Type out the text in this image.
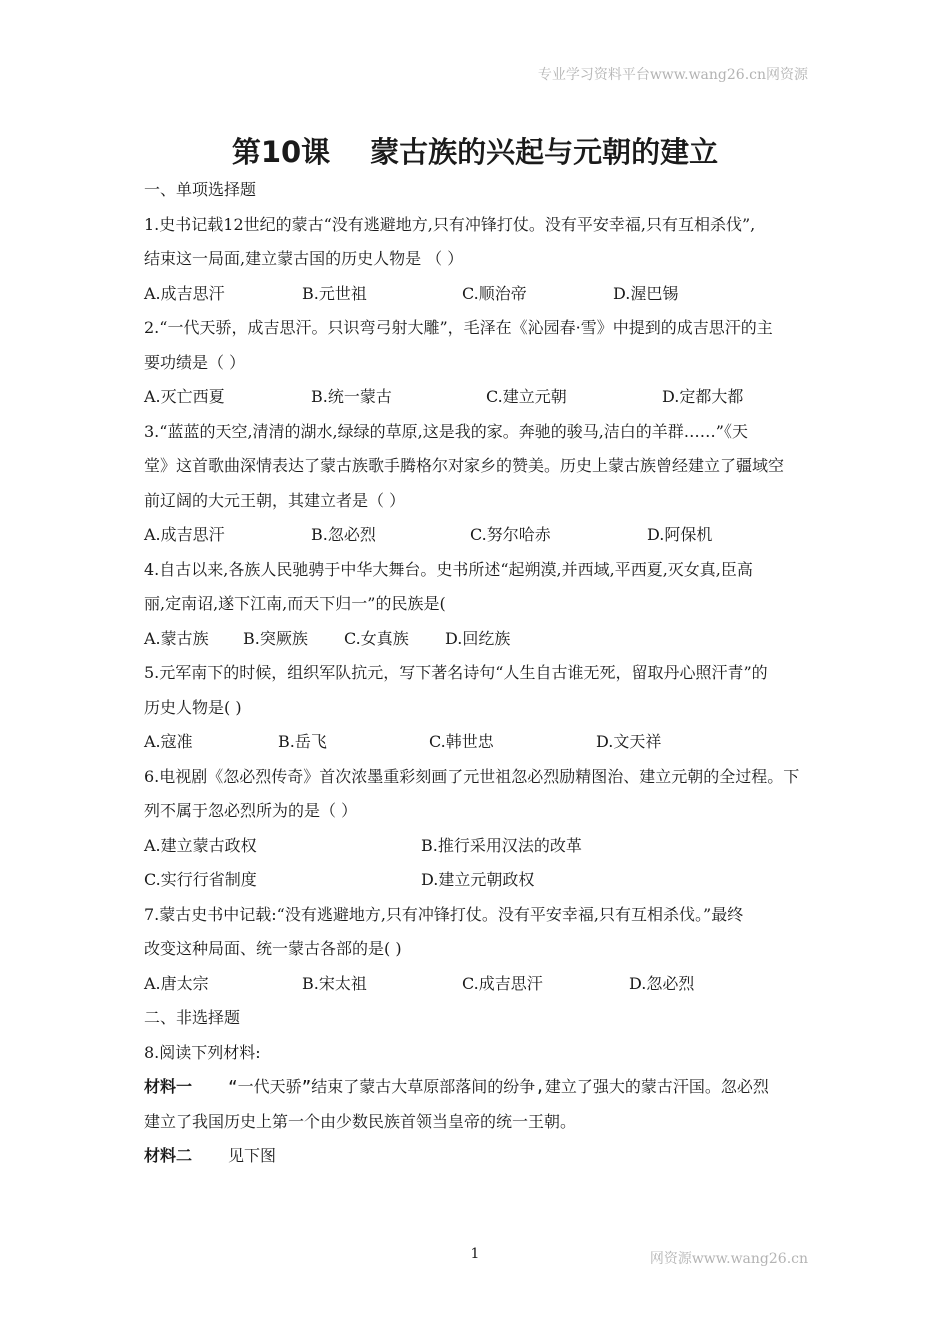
专业学习资料平台www.wang26.cn网资源
第10课 蒙古族的兴起与元朝的建立
一、单项选择题
1.史书记载12世纪的蒙古“没有逃避地方,只有冲锋打仗。没有平安幸福,只有互相杀伐”,
结束这一局面,建立蒙古国的历史人物是 （ ）
A.成吉思汗	B.元世祖	C.顺治帝	D.渥巴锡
2.“一代天骄，成吉思汗。只识弯弓射大雕”，毛泽在《沁园春·雪》中提到的成吉思汗的主
要功绩是（ ）
A.灭亡西夏	B.统一蒙古	C.建立元朝	D.定都大都
3.“蓝蓝的天空,清清的湖水,绿绿的草原,这是我的家。奔驰的骏马,洁白的羊群……”《天
堂》这首歌曲深情表达了蒙古族歌手腾格尔对家乡的赞美。历史上蒙古族曾经建立了疆域空
前辽阔的大元王朝，其建立者是（ ）
A.成吉思汗	B.忽必烈	C.努尔哈赤	D.阿保机
4.自古以来,各族人民驰骋于中华大舞台。史书所述“起朔漠,并西域,平西夏,灭女真,臣高
丽,定南诏,遂下江南,而天下归一”的民族是(
A.蒙古族	B.突厥族	C.女真族	D.回纥族
5.元军南下的时候，组织军队抗元，写下著名诗句“人生自古谁无死，留取丹心照汗青”的
历史人物是( )
A.寇准	B.岳飞	C.韩世忠	D.文天祥
6.电视剧《忽必烈传奇》首次浓墨重彩刻画了元世祖忽必烈励精图治、建立元朝的全过程。下
列不属于忽必烈所为的是（ ）
A.建立蒙古政权	B.推行采用汉法的改革
C.实行行省制度	D.建立元朝政权
7.蒙古史书中记载:“没有逃避地方,只有冲锋打仗。没有平安幸福,只有互相杀伐。”最终
改变这种局面、统一蒙古各部的是( )
A.唐太宗	B.宋太祖	C.成吉思汗	D.忽必烈
二、非选择题
8.阅读下列材料:
材料一 “一代天骄”结束了蒙古大草原部落间的纷争,建立了强大的蒙古汗国。忽必烈
建立了我国历史上第一个由少数民族首领当皇帝的统一王朝。
材料二 见下图
1	网资源www.wang26.cn
